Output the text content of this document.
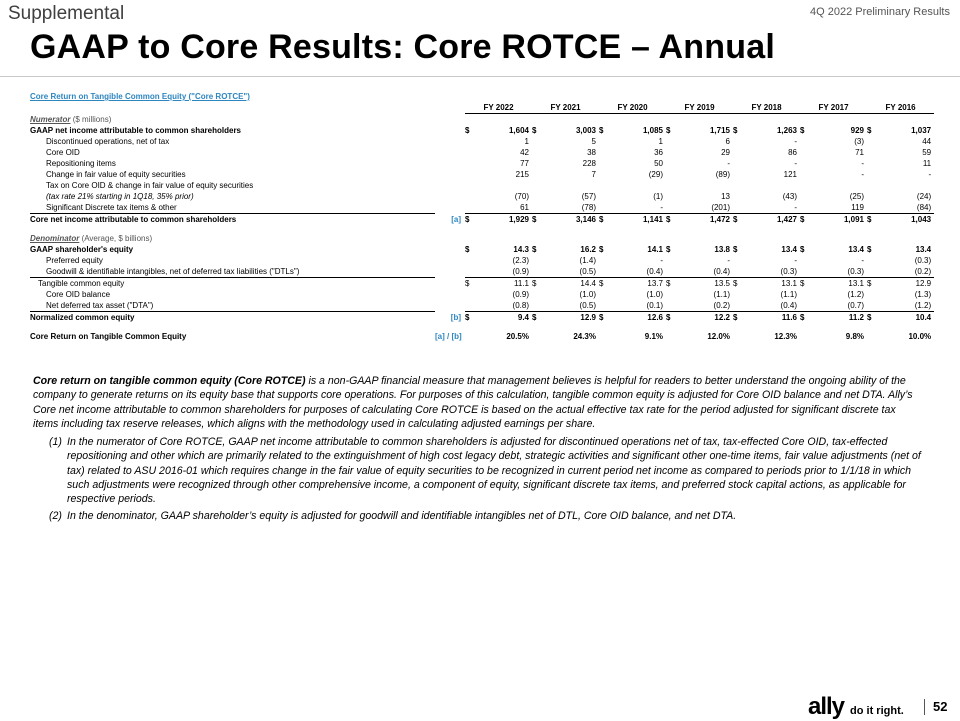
Supplemental	4Q 2022 Preliminary Results
GAAP to Core Results: Core ROTCE – Annual
Core Return on Tangible Common Equity ("Core ROTCE")															
		FY 2022		FY 2021		FY 2020		FY 2019		FY 2018		FY 2017		FY 2016	
Numerator ($ millions)															
GAAP net income attributable to common shareholders		$	1,604	$	3,003	$	1,085	$	1,715	$	1,263	$	929	$	1,037
Discontinued operations, net of tax			1		5		1		6		-		(3)		44
Core OID			42		38		36		29		86		71		59
Repositioning items			77		228		50		-		-		-		11
Change in fair value of equity securities			215		7		(29)		(89)		121		-		-
Tax on Core OID & change in fair value of equity securities															
(tax rate 21% starting in 1Q18, 35% prior)			(70)		(57)		(1)		13		(43)		(25)		(24)
Significant Discrete tax items & other			61		(78)		-		(201)		-		119		(84)
Core net income attributable to common shareholders	[a]	$	1,929	$	3,146	$	1,141	$	1,472	$	1,427	$	1,091	$	1,043

Denominator (Average, $ billions)															
GAAP shareholder's equity		$	14.3	$	16.2	$	14.1	$	13.8	$	13.4	$	13.4	$	13.4
Preferred equity			(2.3)		(1.4)		-		-		-		-		(0.3)
Goodwill & identifiable intangibles, net of deferred tax liabilities ("DTLs")			(0.9)		(0.5)		(0.4)		(0.4)		(0.3)		(0.3)		(0.2)
Tangible common equity		$	11.1	$	14.4	$	13.7	$	13.5	$	13.1	$	13.1	$	12.9
Core OID balance			(0.9)		(1.0)		(1.0)		(1.1)		(1.1)		(1.2)		(1.3)
Net deferred tax asset ("DTA")			(0.8)		(0.5)		(0.1)		(0.2)		(0.4)		(0.7)		(1.2)
Normalized common equity	[b]	$	9.4	$	12.9	$	12.6	$	12.2	$	11.6	$	11.2	$	10.4

Core Return on Tangible Common Equity	[a] / [b]		20.5%		24.3%		9.1%		12.0%		12.3%		9.8%		10.0%

Core return on tangible common equity (Core ROTCE) is a non-GAAP financial measure that management believes is helpful for readers to better understand the ongoing ability of the company to generate returns on its equity base that supports core operations. For purposes of this calculation, tangible common equity is adjusted for Core OID balance and net DTA. Ally’s Core net income attributable to common shareholders for purposes of calculating Core ROTCE is based on the actual effective tax rate for the period adjusted for significant discrete tax items including tax reserve releases, which aligns with the methodology used in calculating adjusted earnings per share.

(1) In the numerator of Core ROTCE, GAAP net income attributable to common shareholders is adjusted for discontinued operations net of tax, tax-effected Core OID, tax-effected repositioning and other which are primarily related to the extinguishment of high cost legacy debt, strategic activities and significant other one-time items, fair value adjustments (net of tax) related to ASU 2016-01 which requires change in the fair value of equity securities to be recognized in current period net income as compared to periods prior to 1/1/18 in which such adjustments were recognized through other comprehensive income, a component of equity, significant discrete tax items, and preferred stock capital actions, as applicable for respective periods.
(2) In the denominator, GAAP shareholder’s equity is adjusted for goodwill and identifiable intangibles net of DTL, Core OID balance, and net DTA.
ally do it right. 52
